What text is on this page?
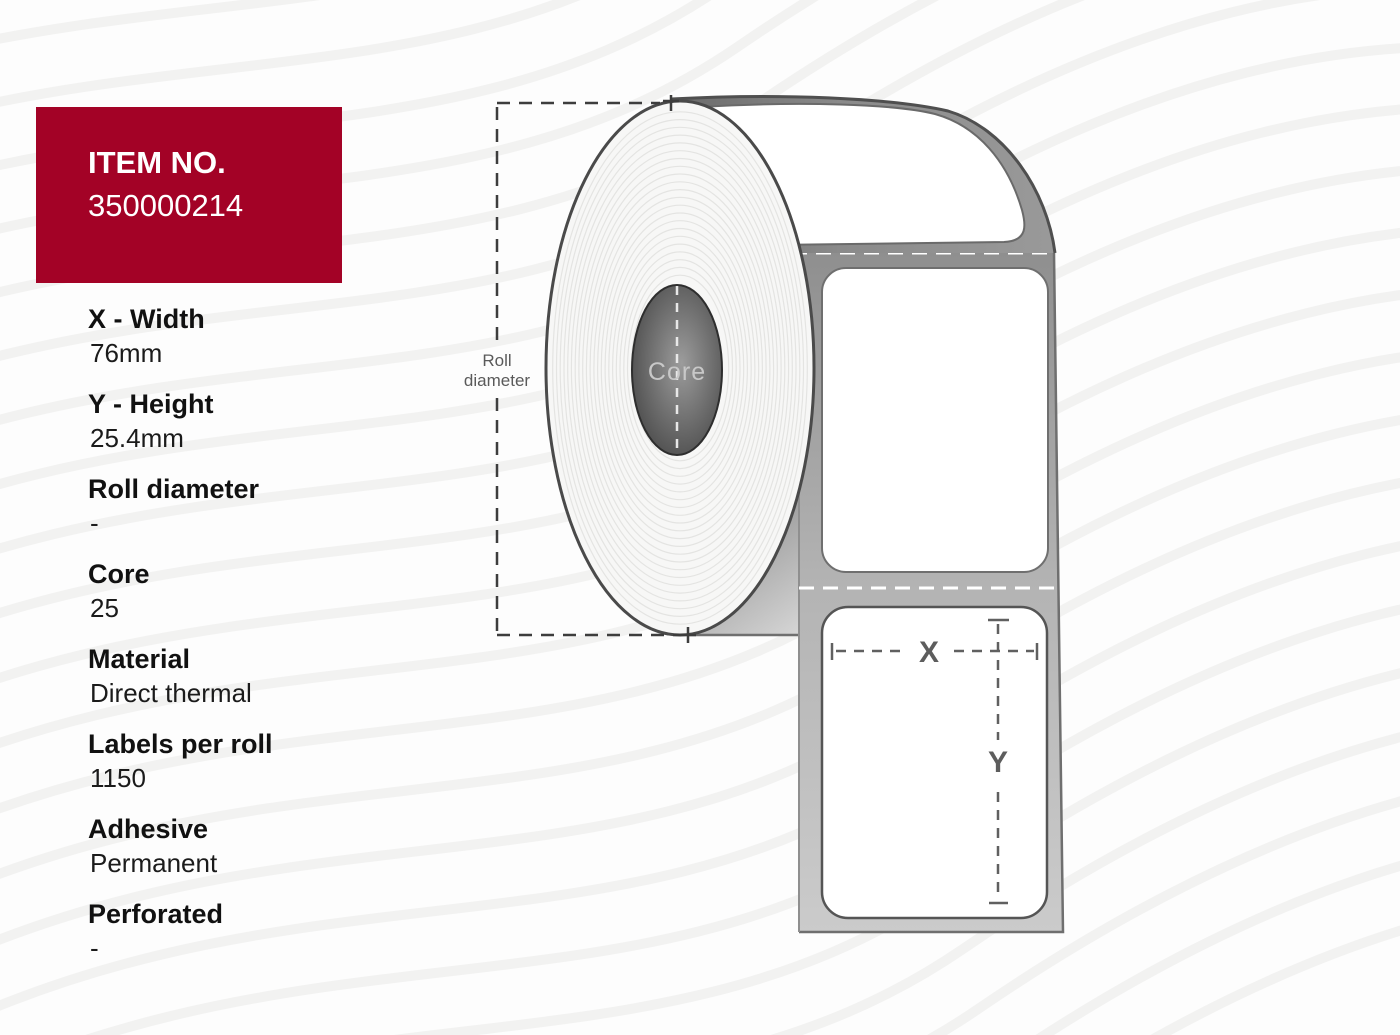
X
Y
Core
Roll
diameter
ITEM NO.
350000214
X - Width
76mm
Y - Height
25.4mm
Roll diameter
-
Core
25
Material
Direct thermal
Labels per roll
1150
Adhesive
Permanent
Perforated
-
